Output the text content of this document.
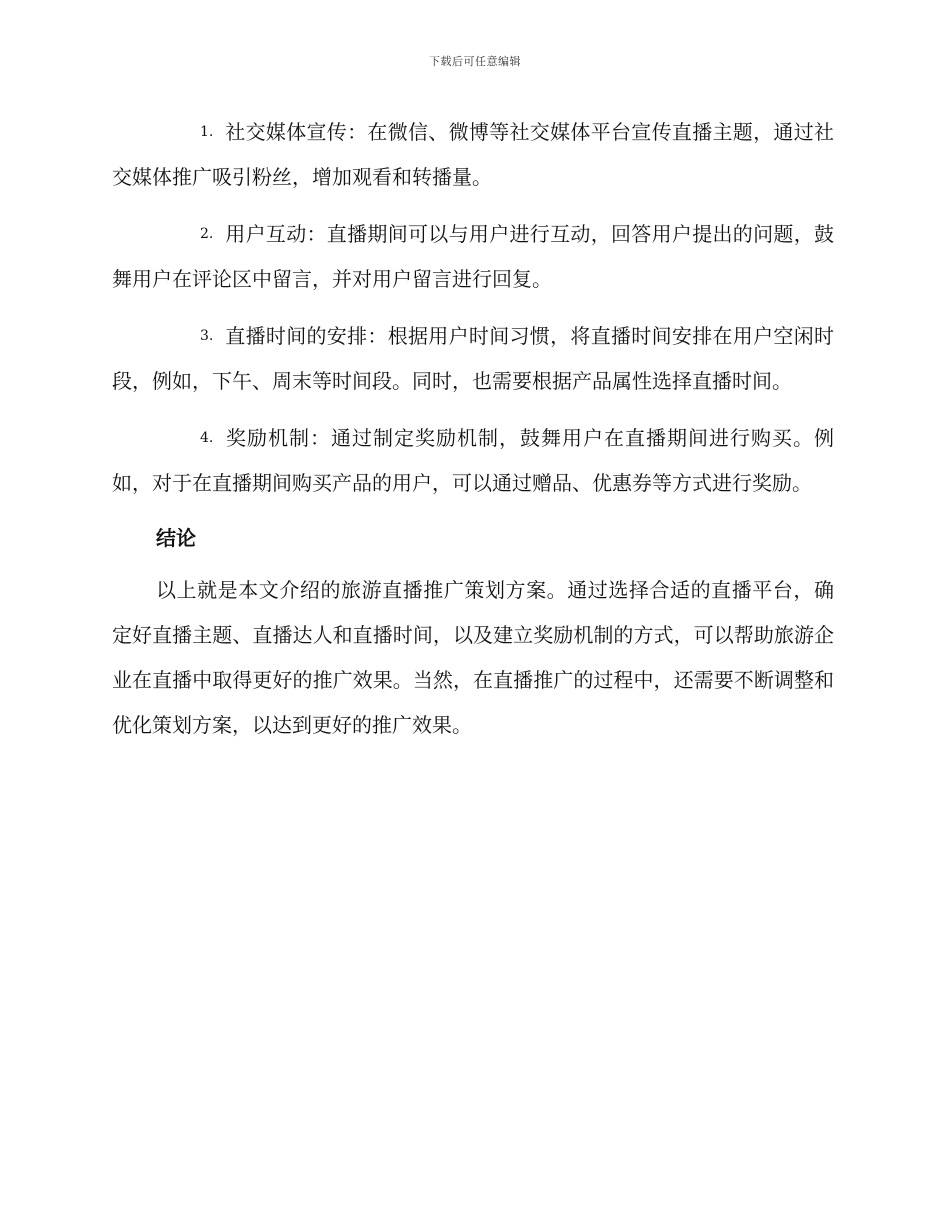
下载后可任意编辑

1. 社交媒体宣传：在微信、微博等社交媒体平台宣传直播主题，通过社交媒体推广吸引粉丝，增加观看和转播量。

2. 用户互动：直播期间可以与用户进行互动，回答用户提出的问题，鼓舞用户在评论区中留言，并对用户留言进行回复。

3. 直播时间的安排：根据用户时间习惯，将直播时间安排在用户空闲时段，例如，下午、周末等时间段。同时，也需要根据产品属性选择直播时间。

4. 奖励机制：通过制定奖励机制，鼓舞用户在直播期间进行购买。例如，对于在直播期间购买产品的用户，可以通过赠品、优惠券等方式进行奖励。

结论

以上就是本文介绍的旅游直播推广策划方案。通过选择合适的直播平台，确定好直播主题、直播达人和直播时间，以及建立奖励机制的方式，可以帮助旅游企业在直播中取得更好的推广效果。当然，在直播推广的过程中，还需要不断调整和优化策划方案，以达到更好的推广效果。
